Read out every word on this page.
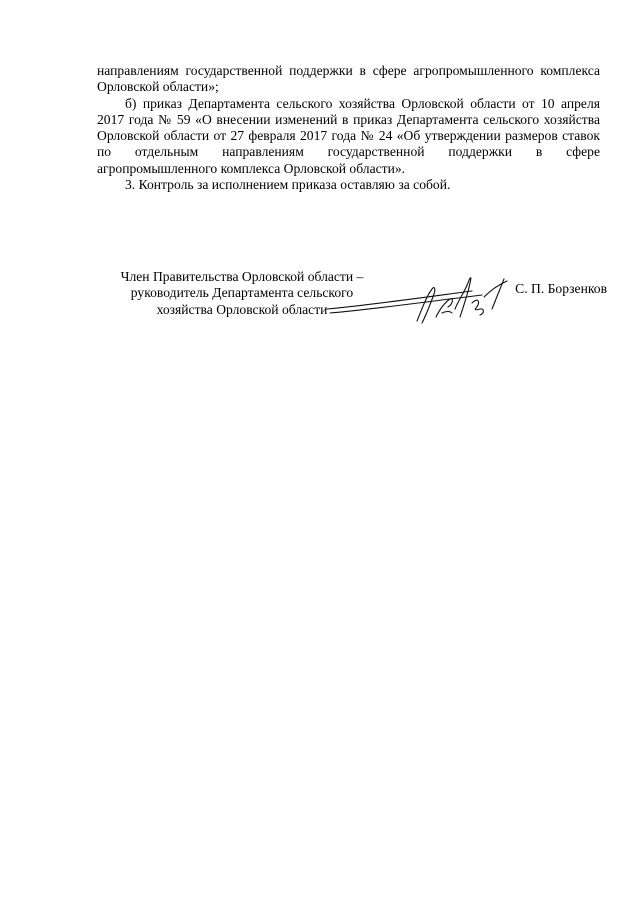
направлениям государственной поддержки в сфере агропромышленного комплекса Орловской области»;

б) приказ Департамента сельского хозяйства Орловской области от 10 апреля 2017 года № 59 «О внесении изменений в приказ Департамента сельского хозяйства Орловской области от 27 февраля 2017 года № 24 «Об утверждении размеров ставок по отдельным направлениям государственной поддержки в сфере агропромышленного комплекса Орловской области».

3. Контроль за исполнением приказа оставляю за собой.

Член Правительства Орловской области –
руководитель Департамента сельского
хозяйства Орловской области
С. П. Борзенков
